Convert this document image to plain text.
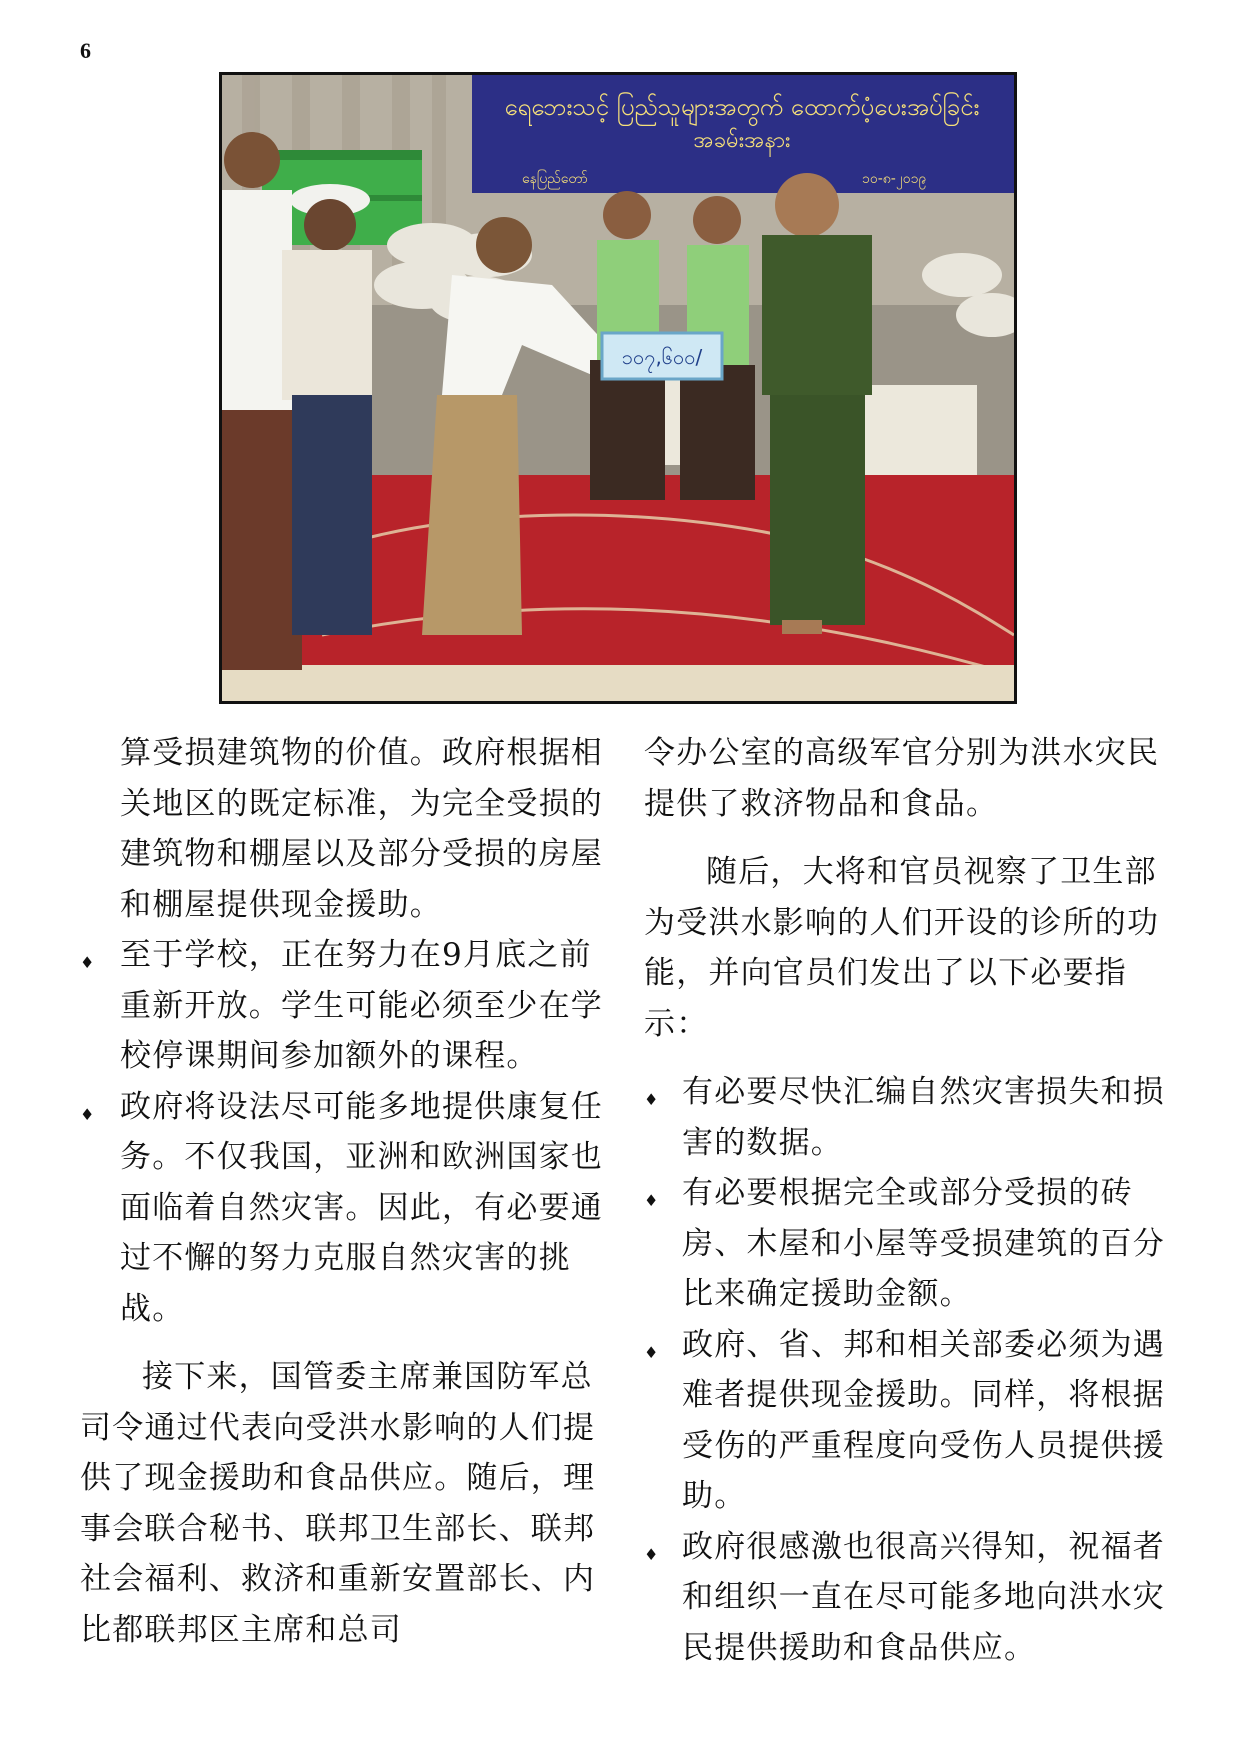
6
ရေဘေးသင့် ပြည်သူများအတွက် ထောက်ပံ့ပေးအပ်ခြင်း
အခမ်းအနား
နေပြည်တော်	၁၀-၈-၂၀၁၉
၁၀၇,၆၀၀/

算受损建筑物的价值。政府根据相关地区的既定标准，为完全受损的建筑物和棚屋以及部分受损的房屋和棚屋提供现金援助。

♦ 至于学校，正在努力在9月底之前重新开放。学生可能必须至少在学校停课期间参加额外的课程。
♦ 政府将设法尽可能多地提供康复任务。不仅我国，亚洲和欧洲国家也面临着自然灾害。因此，有必要通过不懈的努力克服自然灾害的挑战。

接下来，国管委主席兼国防军总司令通过代表向受洪水影响的人们提供了现金援助和食品供应。随后，理事会联合秘书、联邦卫生部长、联邦社会福利、救济和重新安置部长、内比都联邦区主席和总司

令办公室的高级军官分别为洪水灾民提供了救济物品和食品。

随后，大将和官员视察了卫生部为受洪水影响的人们开设的诊所的功能，并向官员们发出了以下必要指示：

♦ 有必要尽快汇编自然灾害损失和损害的数据。
♦ 有必要根据完全或部分受损的砖房、木屋和小屋等受损建筑的百分比来确定援助金额。
♦ 政府、省、邦和相关部委必须为遇难者提供现金援助。同样，将根据受伤的严重程度向受伤人员提供援助。
♦ 政府很感激也很高兴得知，祝福者和组织一直在尽可能多地向洪水灾民提供援助和食品供应。
